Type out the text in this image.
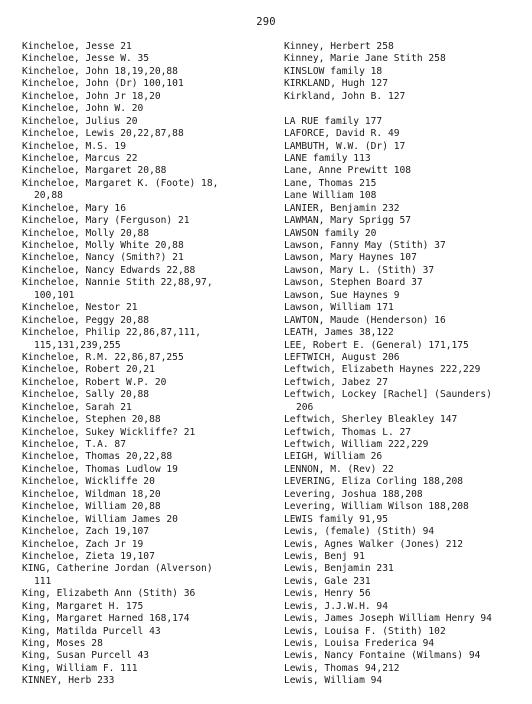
290
Kincheloe, Jesse 21
Kincheloe, Jesse W. 35
Kincheloe, John 18,19,20,88
Kincheloe, John (Dr) 100,101
Kincheloe, John Jr 18,20
Kincheloe, John W. 20
Kincheloe, Julius 20
Kincheloe, Lewis 20,22,87,88
Kincheloe, M.S. 19
Kincheloe, Marcus 22
Kincheloe, Margaret 20,88
Kincheloe, Margaret K. (Foote) 18,
20,88
Kincheloe, Mary 16
Kincheloe, Mary (Ferguson) 21
Kincheloe, Molly 20,88
Kincheloe, Molly White 20,88
Kincheloe, Nancy (Smith?) 21
Kincheloe, Nancy Edwards 22,88
Kincheloe, Nannie Stith 22,88,97,
100,101
Kincheloe, Nestor 21
Kincheloe, Peggy 20,88
Kincheloe, Philip 22,86,87,111,
115,131,239,255
Kincheloe, R.M. 22,86,87,255
Kincheloe, Robert 20,21
Kincheloe, Robert W.P. 20
Kincheloe, Sally 20,88
Kincheloe, Sarah 21
Kincheloe, Stephen 20,88
Kincheloe, Sukey Wickliffe? 21
Kincheloe, T.A. 87
Kincheloe, Thomas 20,22,88
Kincheloe, Thomas Ludlow 19
Kincheloe, Wickliffe 20
Kincheloe, Wildman 18,20
Kincheloe, William 20,88
Kincheloe, William James 20
Kincheloe, Zach 19,107
Kincheloe, Zach Jr 19
Kincheloe, Zieta 19,107
KING, Catherine Jordan (Alverson)
111
King, Elizabeth Ann (Stith) 36
King, Margaret H. 175
King, Margaret Harned 168,174
King, Matilda Purcell 43
King, Moses 28
King, Susan Purcell 43
King, William F. 111
KINNEY, Herb 233
Kinney, Herbert 258
Kinney, Marie Jane Stith 258
KINSLOW family 18
KIRKLAND, Hugh 127
Kirkland, John B. 127
LA RUE family 177
LAFORCE, David R. 49
LAMBUTH, W.W. (Dr) 17
LANE family 113
Lane, Anne Prewitt 108
Lane, Thomas 215
Lane William 108
LANIER, Benjamin 232
LAWMAN, Mary Sprigg 57
LAWSON family 20
Lawson, Fanny May (Stith) 37
Lawson, Mary Haynes 107
Lawson, Mary L. (Stith) 37
Lawson, Stephen Board 37
Lawson, Sue Haynes 9
Lawson, William 171
LAWTON, Maude (Henderson) 16
LEATH, James 38,122
LEE, Robert E. (General) 171,175
LEFTWICH, August 206
Leftwich, Elizabeth Haynes 222,229
Leftwich, Jabez 27
Leftwich, Lockey [Rachel] (Saunders)
206
Leftwich, Sherley Bleakley 147
Leftwich, Thomas L. 27
Leftwich, William 222,229
LEIGH, William 26
LENNON, M. (Rev) 22
LEVERING, Eliza Corling 188,208
Levering, Joshua 188,208
Levering, William Wilson 188,208
LEWIS family 91,95
Lewis, (female) (Stith) 94
Lewis, Agnes Walker (Jones) 212
Lewis, Benj 91
Lewis, Benjamin 231
Lewis, Gale 231
Lewis, Henry 56
Lewis, J.J.W.H. 94
Lewis, James Joseph William Henry 94
Lewis, Louisa F. (Stith) 102
Lewis, Louisa Frederica 94
Lewis, Nancy Fontaine (Wilmans) 94
Lewis, Thomas 94,212
Lewis, William 94
